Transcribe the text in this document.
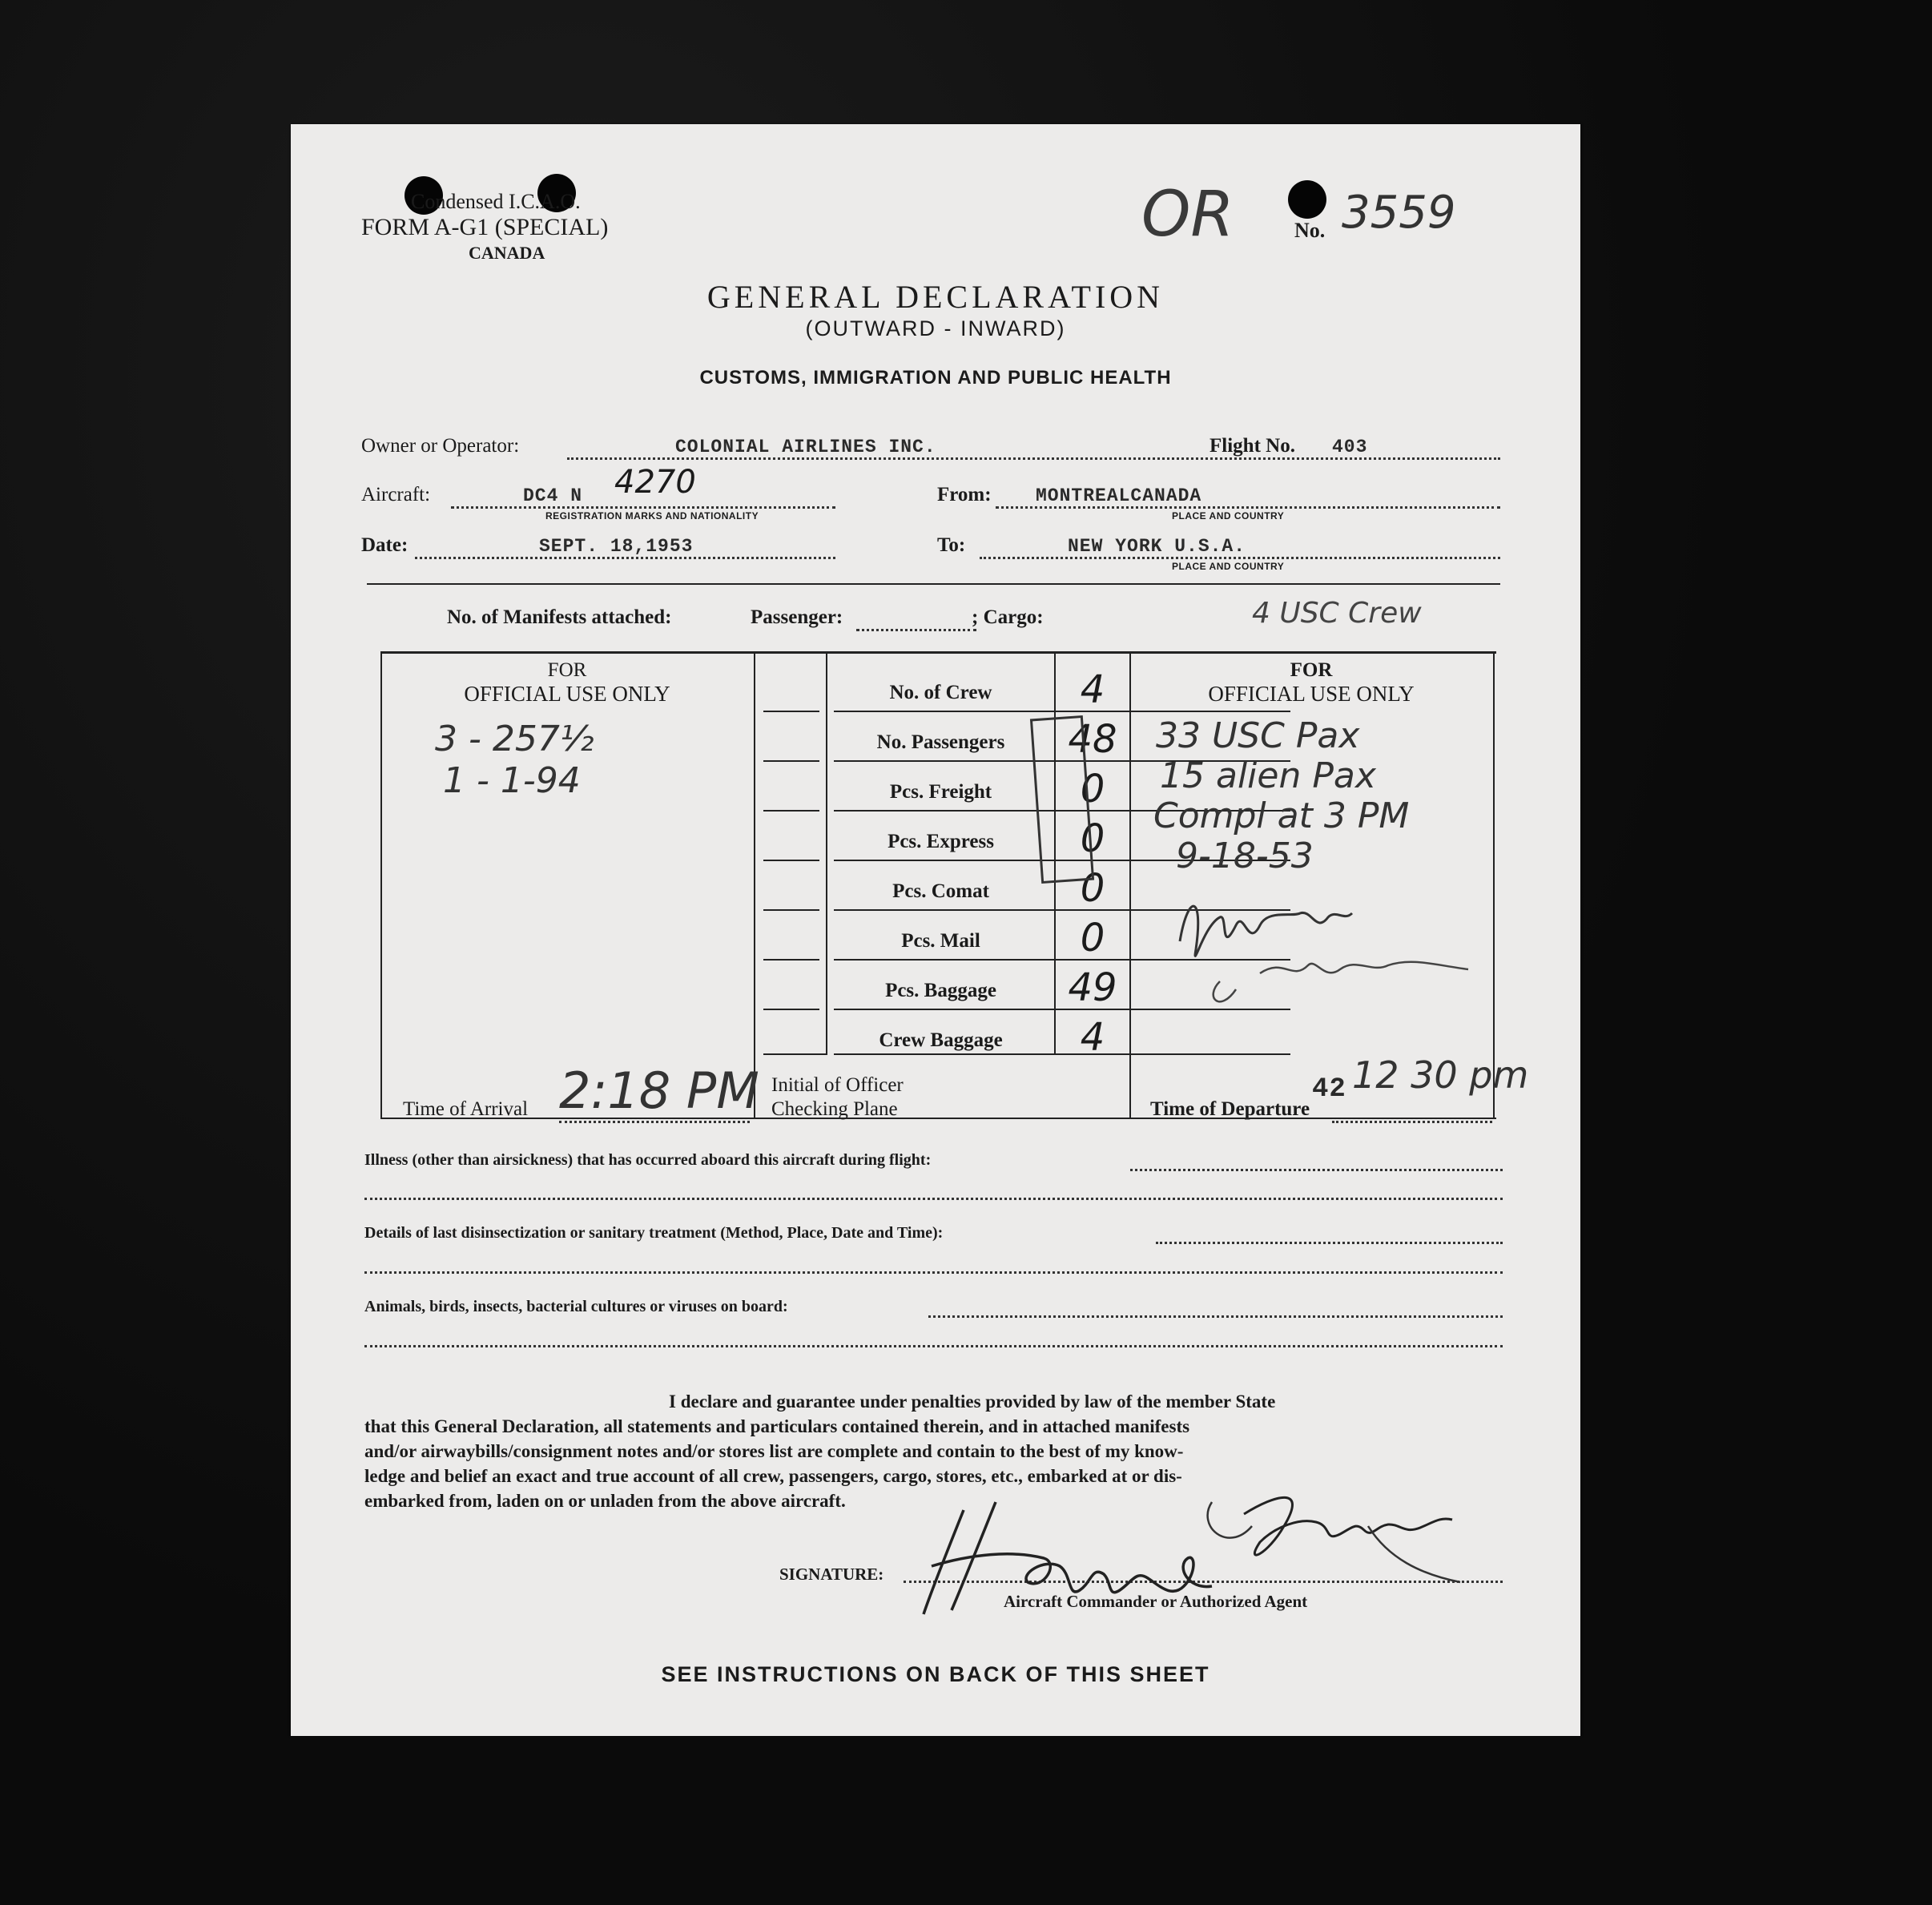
Condensed I.C.A.O.
FORM A-G1 (SPECIAL)
CANADA
OR	No. 3559
GENERAL DECLARATION
(OUTWARD - INWARD)
CUSTOMS, IMMIGRATION AND PUBLIC HEALTH
Owner or Operator:	COLONIAL AIRLINES INC.	Flight No. 403
Aircraft:	DC4 N 4270
REGISTRATION MARKS AND NATIONALITY
From: MONTREALCANADA
PLACE AND COUNTRY
Date:	SEPT. 18,1953	To:	NEW YORK U.S.A.
PLACE AND COUNTRY
No. of Manifests attached:	Passenger:	; Cargo:	4 USC Crew
FOR
OFFICIAL USE ONLY
3 - 257½
1 - 1-94
No. of Crew	4
No. Passengers	48
Pcs. Freight	0
Pcs. Express	0
Pcs. Comat	0
Pcs. Mail	0
Pcs. Baggage	49
Crew Baggage	4
FOR
OFFICIAL USE ONLY
33 USC Pax
15 alien Pax
Compl at 3 PM
9-18-53
Time of Arrival 2:18 PM Initial of Officer
Checking Plane	Time of Departure
42 12 30 pm
Illness (other than airsickness) that has occurred aboard this aircraft during flight:
Details of last disinsectization or sanitary treatment (Method, Place, Date and Time):
Animals, birds, insects, bacterial cultures or viruses on board:
I declare and guarantee under penalties provided by law of the member State
that this General Declaration, all statements and particulars contained therein, and in attached manifests
and/or airwaybills/consignment notes and/or stores list are complete and contain to the best of my know-
ledge and belief an exact and true account of all crew, passengers, cargo, stores, etc., embarked at or dis-
embarked from, laden on or unladen from the above aircraft.
SIGNATURE:
Aircraft Commander or Authorized Agent
SEE INSTRUCTIONS ON BACK OF THIS SHEET
